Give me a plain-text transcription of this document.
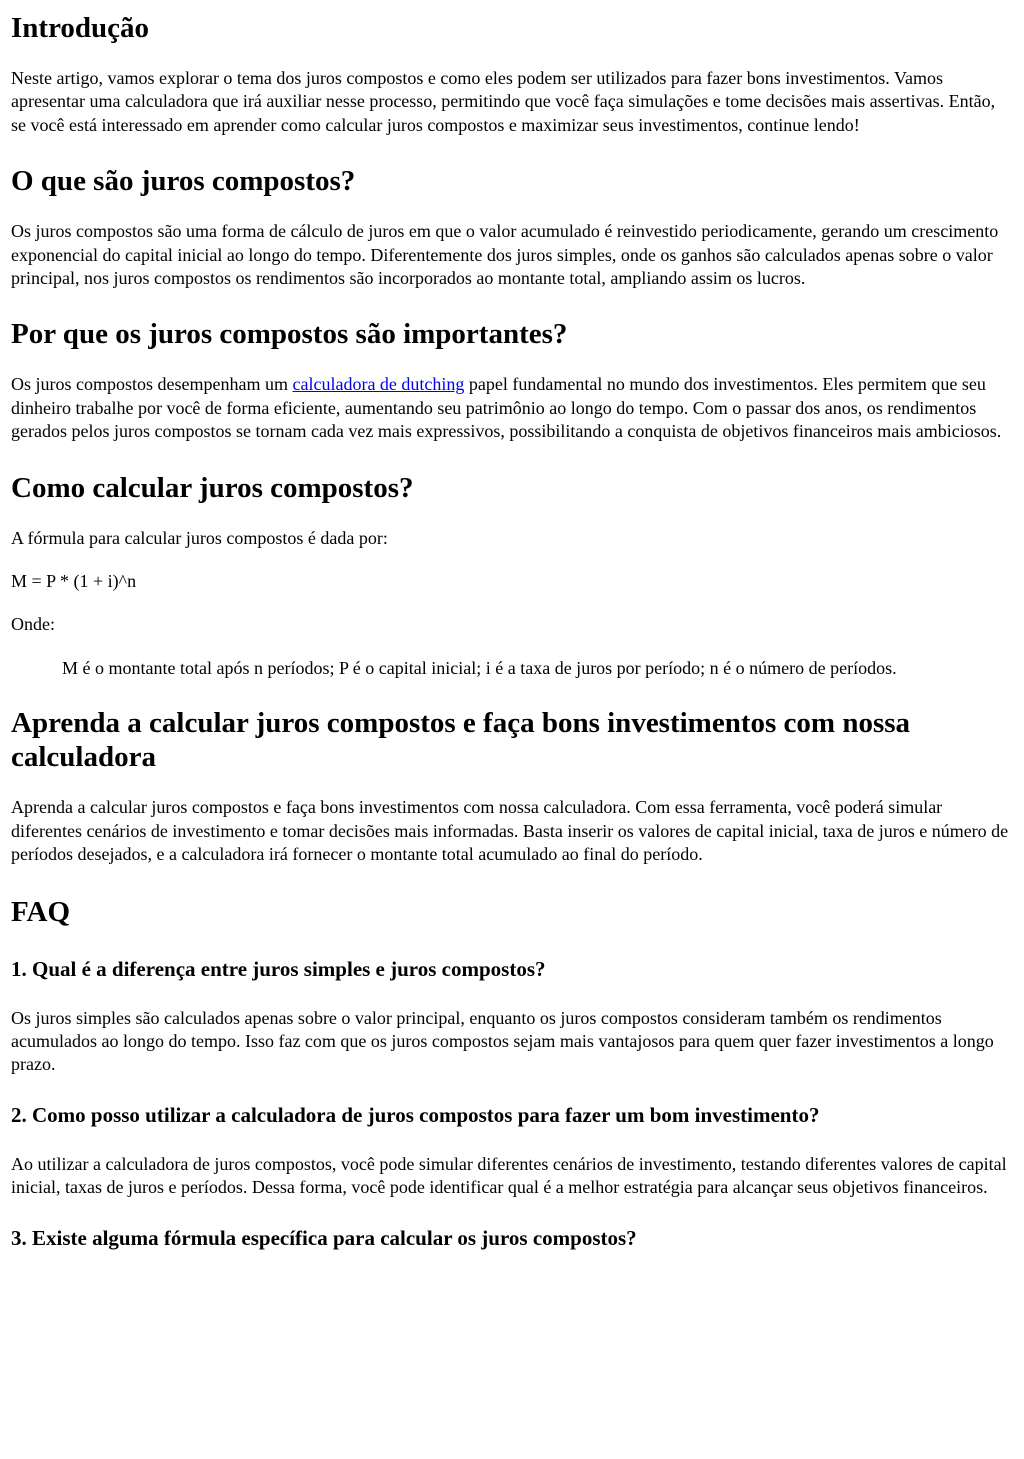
Introdução

Neste artigo, vamos explorar o tema dos juros compostos e como eles podem ser utilizados para fazer bons investimentos. Vamos apresentar uma calculadora que irá auxiliar nesse processo, permitindo que você faça simulações e tome decisões mais assertivas. Então, se você está interessado em aprender como calcular juros compostos e maximizar seus investimentos, continue lendo!

O que são juros compostos?

Os juros compostos são uma forma de cálculo de juros em que o valor acumulado é reinvestido periodicamente, gerando um crescimento exponencial do capital inicial ao longo do tempo. Diferentemente dos juros simples, onde os ganhos são calculados apenas sobre o valor principal, nos juros compostos os rendimentos são incorporados ao montante total, ampliando assim os lucros.

Por que os juros compostos são importantes?

Os juros compostos desempenham um calculadora de dutching papel fundamental no mundo dos investimentos. Eles permitem que seu dinheiro trabalhe por você de forma eficiente, aumentando seu patrimônio ao longo do tempo. Com o passar dos anos, os rendimentos gerados pelos juros compostos se tornam cada vez mais expressivos, possibilitando a conquista de objetivos financeiros mais ambiciosos.

Como calcular juros compostos?

A fórmula para calcular juros compostos é dada por:

M = P * (1 + i)^n

Onde:

M é o montante total após n períodos; P é o capital inicial; i é a taxa de juros por período; n é o número de períodos.
Aprenda a calcular juros compostos e faça bons investimentos com nossa calculadora

Aprenda a calcular juros compostos e faça bons investimentos com nossa calculadora. Com essa ferramenta, você poderá simular diferentes cenários de investimento e tomar decisões mais informadas. Basta inserir os valores de capital inicial, taxa de juros e número de períodos desejados, e a calculadora irá fornecer o montante total acumulado ao final do período.

FAQ
1. Qual é a diferença entre juros simples e juros compostos?

Os juros simples são calculados apenas sobre o valor principal, enquanto os juros compostos consideram também os rendimentos acumulados ao longo do tempo. Isso faz com que os juros compostos sejam mais vantajosos para quem quer fazer investimentos a longo prazo.

2. Como posso utilizar a calculadora de juros compostos para fazer um bom investimento?

Ao utilizar a calculadora de juros compostos, você pode simular diferentes cenários de investimento, testando diferentes valores de capital inicial, taxas de juros e períodos. Dessa forma, você pode identificar qual é a melhor estratégia para alcançar seus objetivos financeiros.

3. Existe alguma fórmula específica para calcular os juros compostos?
